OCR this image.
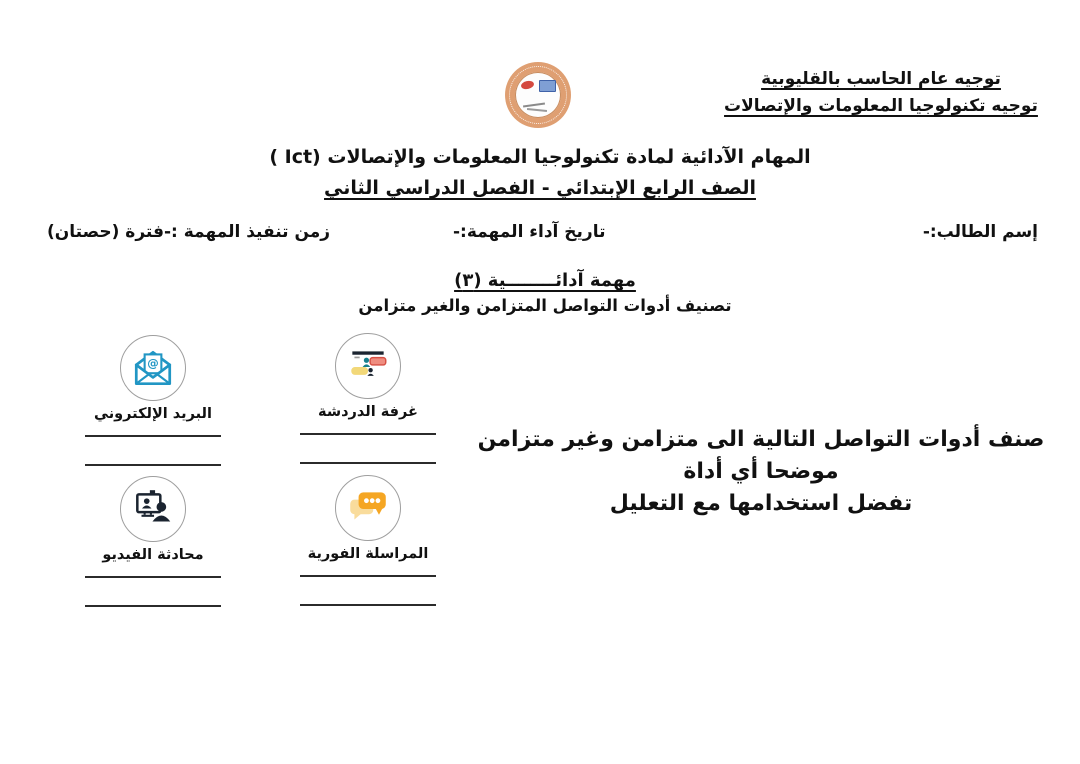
توجيه عام الحاسب بالقليوبية
توجيه تكنولوجيا المعلومات والإتصالات
المهام الآدائية لمادة تكنولوجيا المعلومات والإتصالات (Ict )
الصف الرابع الإبتدائي - الفصل الدراسي الثاني
إسم الطالب:-
تاريخ آداء المهمة:-
زمن تنفيذ المهمة :-فترة (حصتان)
مهمة آدائــــــــية (٣)
تصنيف أدوات التواصل المتزامن والغير متزامن
صنف أدوات التواصل التالية الى متزامن وغير متزامن موضحا أي أداة
تفضل استخدامها مع التعليل
@
البريد الإلكتروني	غرفة الدردشة
محادثة الفيديو	المراسلة الفورية
